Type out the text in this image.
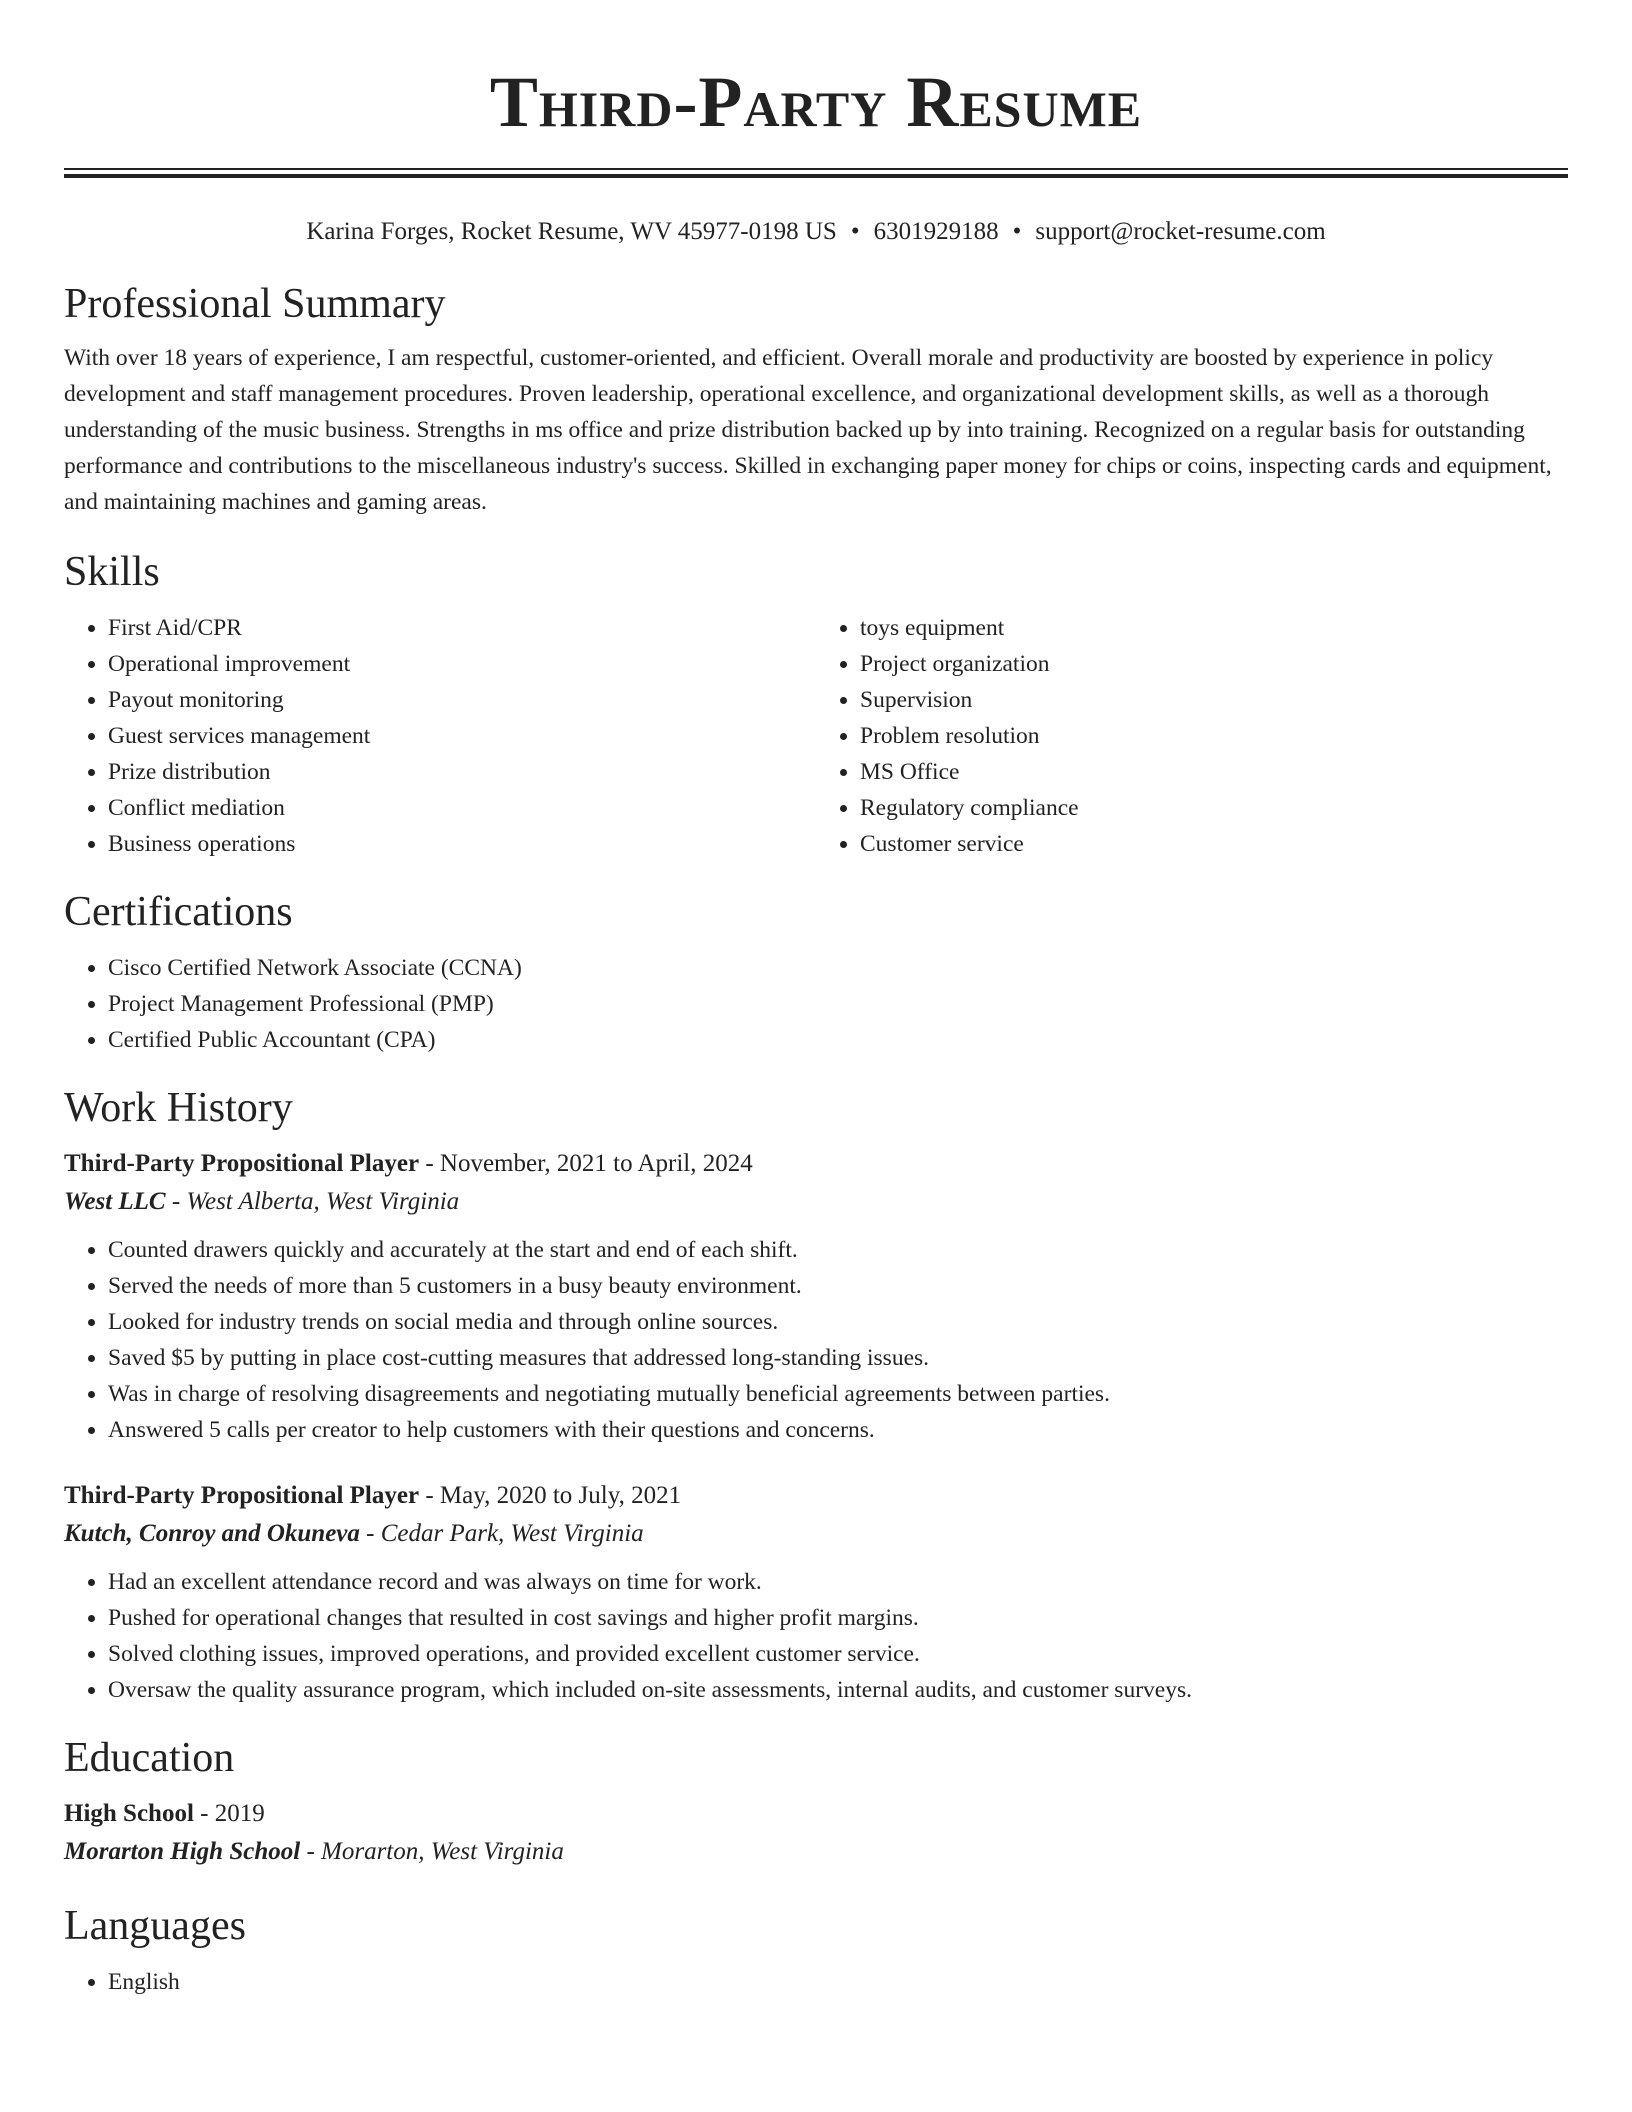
Third-Party Resume
Karina Forges, Rocket Resume, WV 45977-0198 US • 6301929188 • support@rocket-resume.com
Professional Summary

With over 18 years of experience, I am respectful, customer-oriented, and efficient. Overall morale and productivity are boosted by experience in policy development and staff management procedures. Proven leadership, operational excellence, and organizational development skills, as well as a thorough understanding of the music business. Strengths in ms office and prize distribution backed up by into training. Recognized on a regular basis for outstanding performance and contributions to the miscellaneous industry's success. Skilled in exchanging paper money for chips or coins, inspecting cards and equipment, and maintaining machines and gaming areas.

Skills
• First Aid/CPR
• Operational improvement
• Payout monitoring
• Guest services management
• Prize distribution
• Conflict mediation
• Business operations
• toys equipment
• Project organization
• Supervision
• Problem resolution
• MS Office
• Regulatory compliance
• Customer service
Certifications
• Cisco Certified Network Associate (CCNA)
• Project Management Professional (PMP)
• Certified Public Accountant (CPA)
Work History
Third-Party Propositional Player - November, 2021 to April, 2024
West LLC - West Alberta, West Virginia
• Counted drawers quickly and accurately at the start and end of each shift.
• Served the needs of more than 5 customers in a busy beauty environment.
• Looked for industry trends on social media and through online sources.
• Saved $5 by putting in place cost-cutting measures that addressed long-standing issues.
• Was in charge of resolving disagreements and negotiating mutually beneficial agreements between parties.
• Answered 5 calls per creator to help customers with their questions and concerns.
Third-Party Propositional Player - May, 2020 to July, 2021
Kutch, Conroy and Okuneva - Cedar Park, West Virginia
• Had an excellent attendance record and was always on time for work.
• Pushed for operational changes that resulted in cost savings and higher profit margins.
• Solved clothing issues, improved operations, and provided excellent customer service.
• Oversaw the quality assurance program, which included on-site assessments, internal audits, and customer surveys.
Education
High School - 2019
Morarton High School - Morarton, West Virginia
Languages
• English
